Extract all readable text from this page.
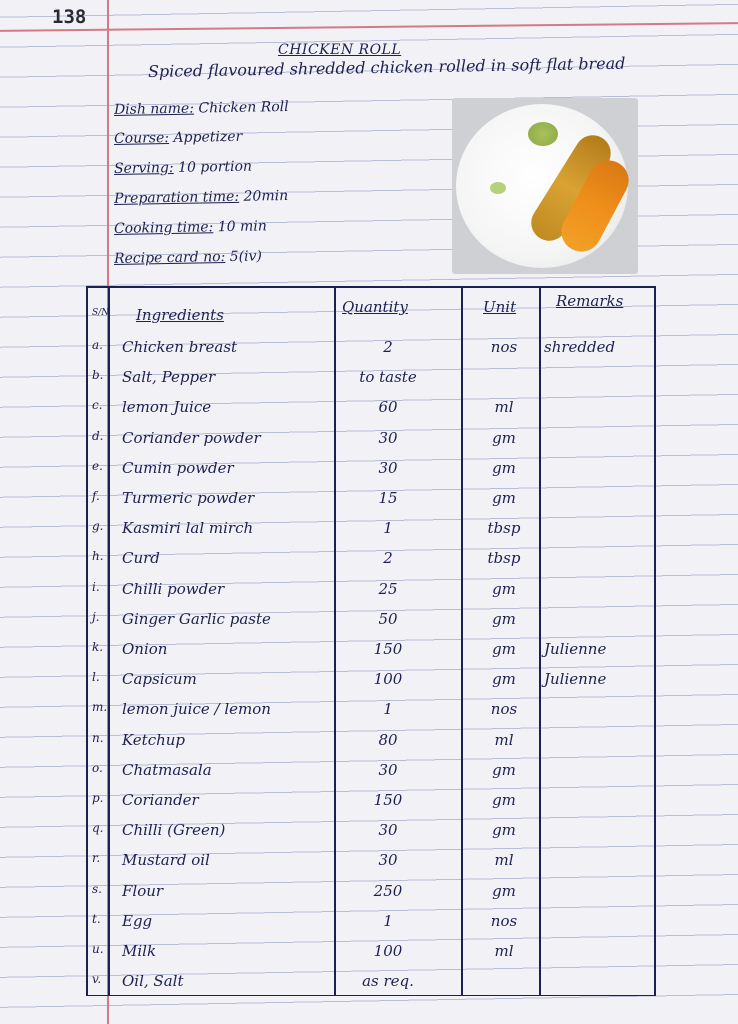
138
CHICKEN ROLL
Spiced flavoured shredded chicken rolled in soft flat bread
Dish name: Chicken Roll
Course: Appetizer
Serving: 10 portion
Preparation time: 20min
Cooking time: 10 min
Recipe card no: 5(iv)
S/N Ingredients	Quantity	Unit	Remarks
a. Chicken breast	2	nos	shredded
b. Salt, Pepper	to taste
c. lemon Juice	60	ml
d. Coriander powder	30	gm
e. Cumin powder	30	gm
f. Turmeric powder	15	gm
g. Kasmiri lal mirch	1	tbsp
h. Curd	2	tbsp
i. Chilli powder	25	gm
j. Ginger Garlic paste	50	gm
k. Onion	150	gm	Julienne
l. Capsicum	100	gm	Julienne
m. lemon juice / lemon	1	nos
n. Ketchup	80	ml
o. Chatmasala	30	gm
p. Coriander	150	gm
q. Chilli (Green)	30	gm
r. Mustard oil	30	ml
s. Flour	250	gm
t. Egg	1	nos
u. Milk	100	ml
v. Oil, Salt	as req.
